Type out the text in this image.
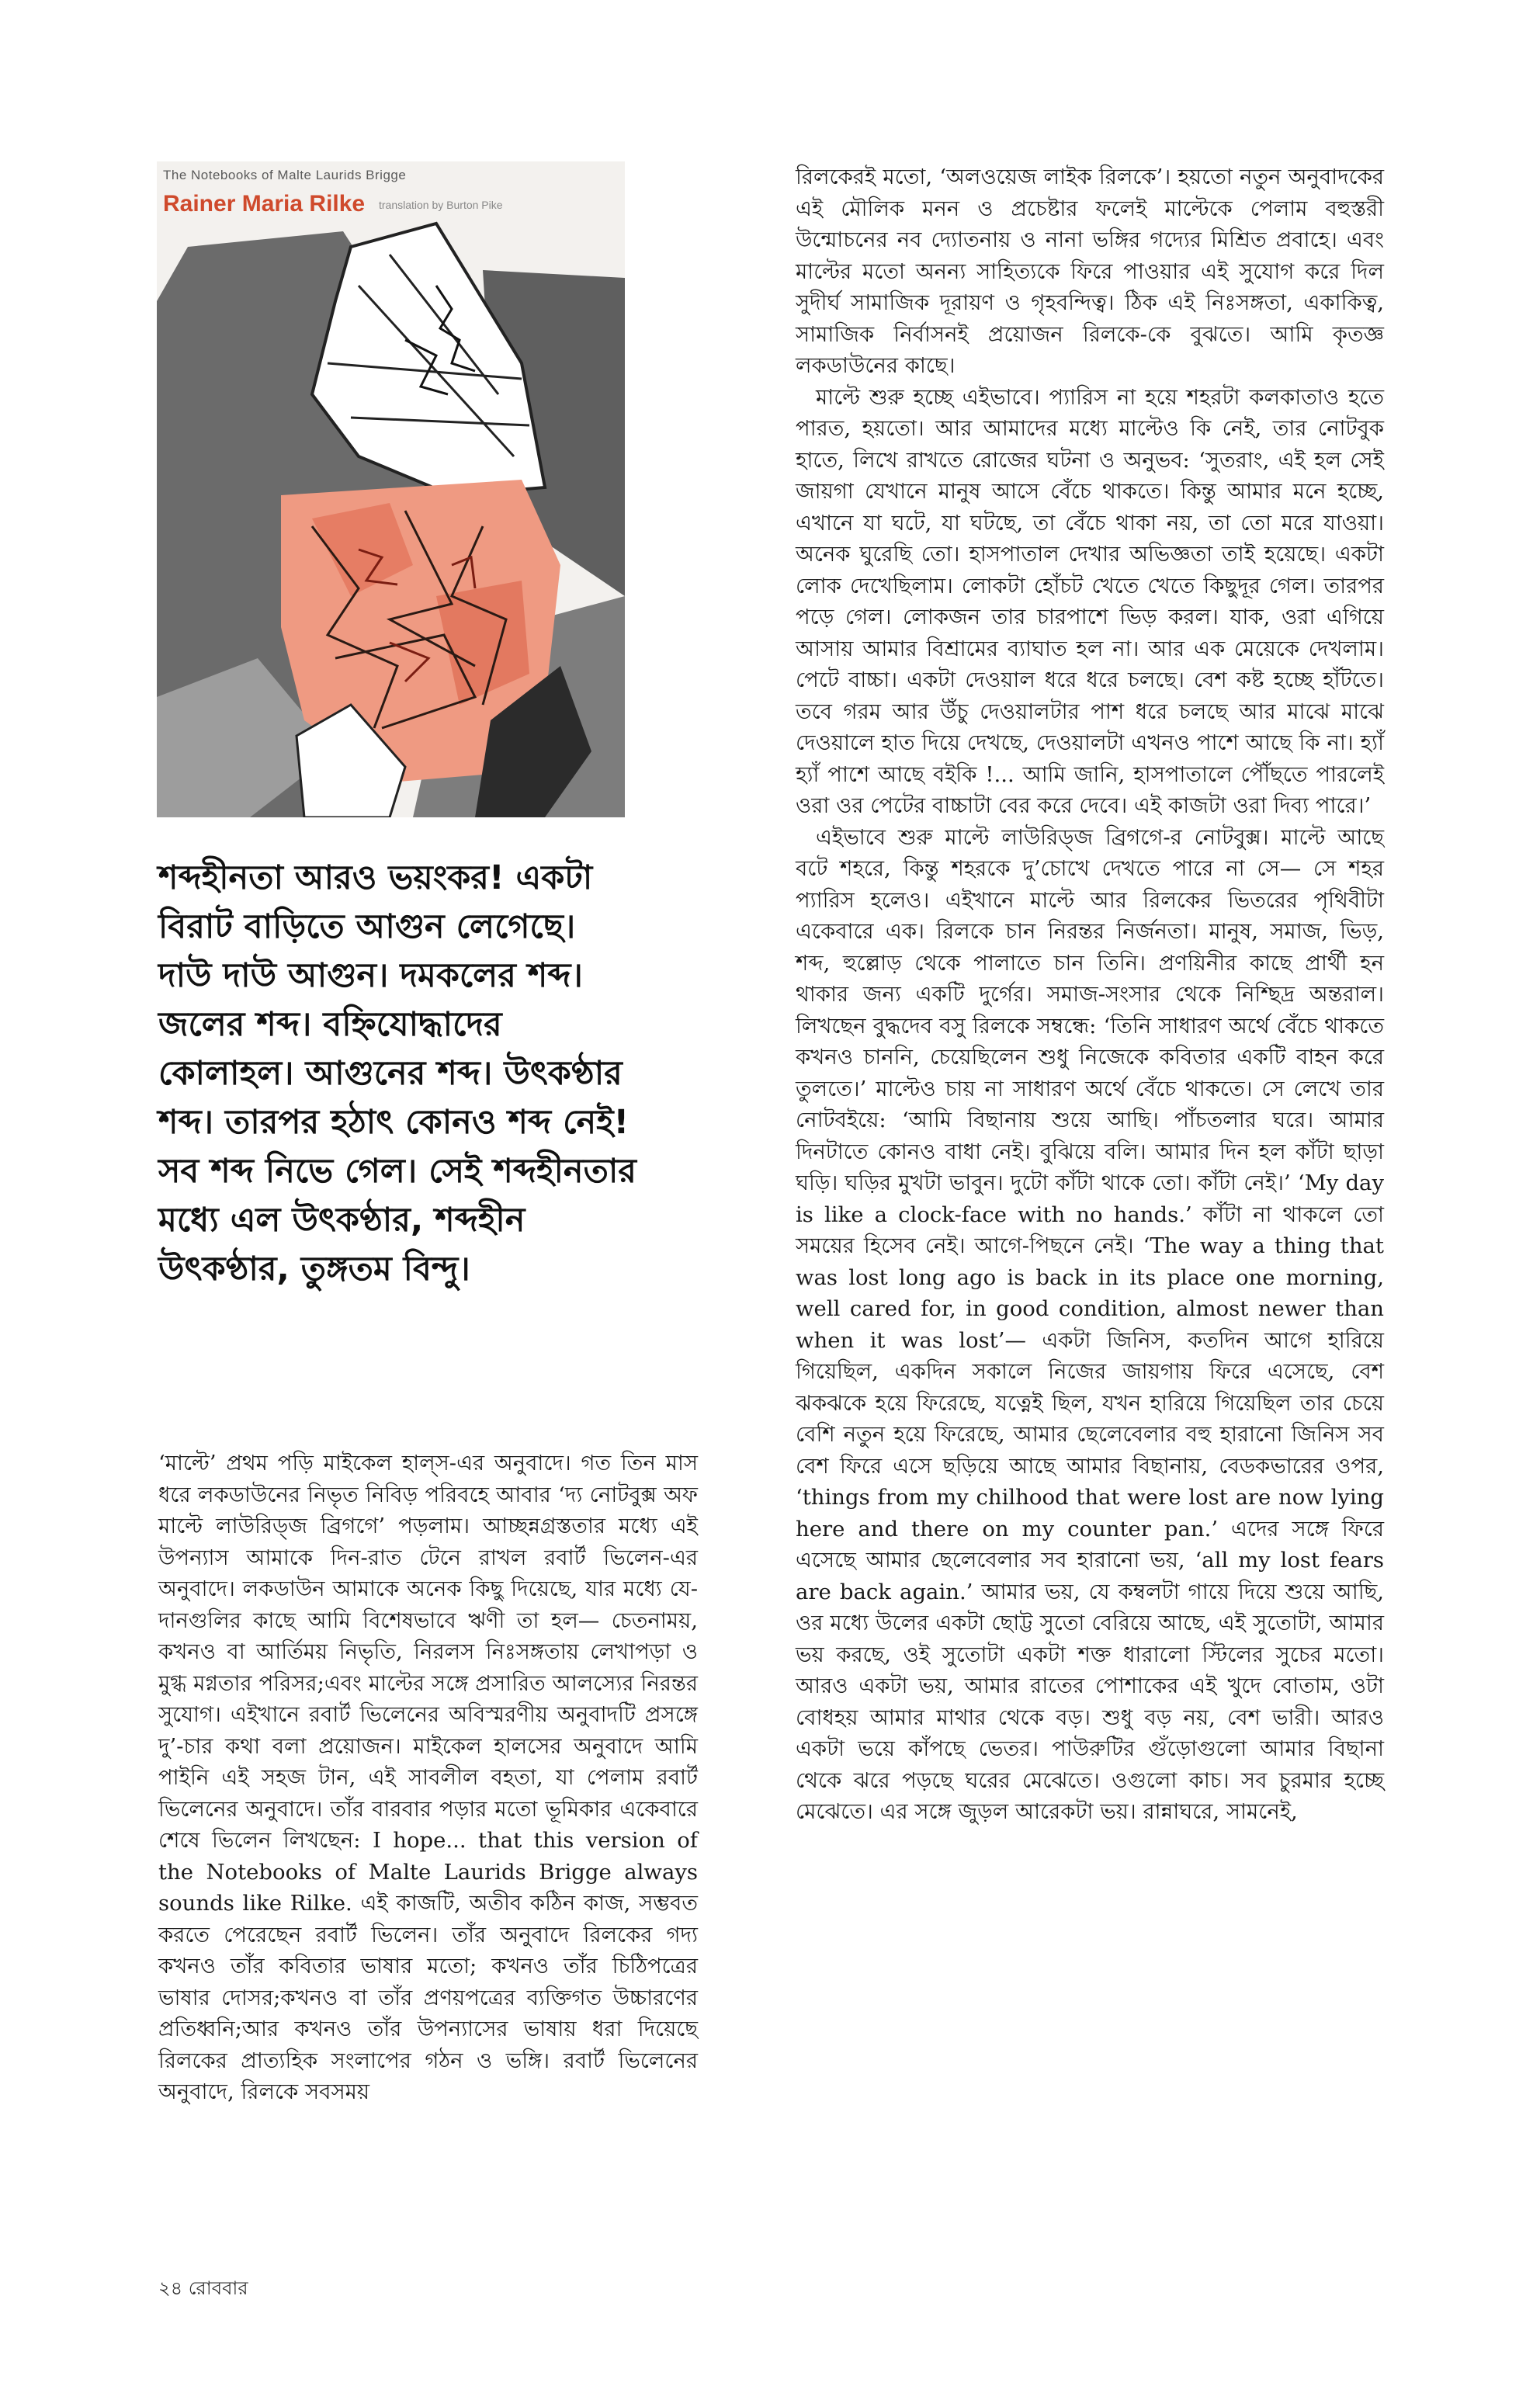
The Notebooks of Malte Laurids Brigge
Rainer Maria Rilke translation by Burton Pike
শব্দহীনতা আরও ভয়ংকর! একটা বিরাট বাড়িতে আগুন লেগেছে। দাউ দাউ আগুন। দমকলের শব্দ। জলের শব্দ। বহ্নিযোদ্ধাদের কোলাহল। আগুনের শব্দ। উৎকণ্ঠার শব্দ। তারপর হঠাৎ কোনও শব্দ নেই! সব শব্দ নিভে গেল। সেই শব্দহীনতার মধ্যে এল উৎকণ্ঠার, শব্দহীন উৎকণ্ঠার, তুঙ্গতম বিন্দু।

‘মাল্টে’ প্রথম পড়ি মাইকেল হাল্স-এর অনুবাদে। গত তিন মাস ধরে লকডাউনের নিভৃত নিবিড় পরিবহে আবার ‘দ্য নোটবুক্স অফ মাল্টে লাউরিড্জ ব্রিগগে’ পড়লাম। আচ্ছন্নগ্রস্ততার মধ্যে এই উপন্যাস আমাকে দিন-রাত টেনে রাখল রবার্ট ভিলেন-এর অনুবাদে। লকডাউন আমাকে অনেক কিছু দিয়েছে, যার মধ্যে যে-দানগুলির কাছে আমি বিশেষভাবে ঋণী তা হল— চেতনাময়, কখনও বা আর্তিময় নিভৃতি, নিরলস নিঃসঙ্গতায় লেখাপড়া ও মুগ্ধ মগ্নতার পরিসর;এবং মাল্টের সঙ্গে প্রসারিত আলস্যের নিরন্তর সুযোগ। এইখানে রবার্ট ভিলেনের অবিস্মরণীয় অনুবাদটি প্রসঙ্গে দু’-চার কথা বলা প্রয়োজন। মাইকেল হালসের অনুবাদে আমি পাইনি এই সহজ টান, এই সাবলীল বহতা, যা পেলাম রবার্ট ভিলেনের অনুবাদে। তাঁর বারবার পড়ার মতো ভূমিকার একেবারে শেষে ভিলেন লিখছেন: I hope... that this version of the Notebooks of Malte Laurids Brigge always sounds like Rilke. এই কাজটি, অতীব কঠিন কাজ, সম্ভবত করতে পেরেছেন রবার্ট ভিলেন। তাঁর অনুবাদে রিলকের গদ্য কখনও তাঁর কবিতার ভাষার মতো; কখনও তাঁর চিঠিপত্রের ভাষার দোসর;কখনও বা তাঁর প্রণয়পত্রের ব্যক্তিগত উচ্চারণের প্রতিধ্বনি;আর কখনও তাঁর উপন্যাসের ভাষায় ধরা দিয়েছে রিলকের প্রাত্যহিক সংলাপের গঠন ও ভঙ্গি। রবার্ট ভিলেনের অনুবাদে, রিলকে সবসময়

রিলকেরই মতো, ‘অলওয়েজ লাইক রিলকে’। হয়তো নতুন অনুবাদকের এই মৌলিক মনন ও প্রচেষ্টার ফলেই মাল্টেকে পেলাম বহুস্তরী উন্মোচনের নব দ্যোতনায় ও নানা ভঙ্গির গদ্যের মিশ্রিত প্রবাহে। এবং মাল্টের মতো অনন্য সাহিত্যকে ফিরে পাওয়ার এই সুযোগ করে দিল সুদীর্ঘ সামাজিক দূরায়ণ ও গৃহবন্দিত্ব। ঠিক এই নিঃসঙ্গতা, একাকিত্ব, সামাজিক নির্বাসনই প্রয়োজন রিলকে-কে বুঝতে। আমি কৃতজ্ঞ লকডাউনের কাছে।

মাল্টে শুরু হচ্ছে এইভাবে। প্যারিস না হয়ে শহরটা কলকাতাও হতে পারত, হয়তো। আর আমাদের মধ্যে মাল্টেও কি নেই, তার নোটবুক হাতে, লিখে রাখতে রোজের ঘটনা ও অনুভব: ‘সুতরাং, এই হল সেই জায়গা যেখানে মানুষ আসে বেঁচে থাকতে। কিন্তু আমার মনে হচ্ছে, এখানে যা ঘটে, যা ঘটছে, তা বেঁচে থাকা নয়, তা তো মরে যাওয়া। অনেক ঘুরেছি তো। হাসপাতাল দেখার অভিজ্ঞতা তাই হয়েছে। একটা লোক দেখেছিলাম। লোকটা হোঁচট খেতে খেতে কিছুদূর গেল। তারপর পড়ে গেল। লোকজন তার চারপাশে ভিড় করল। যাক, ওরা এগিয়ে আসায় আমার বিশ্রামের ব্যাঘাত হল না। আর এক মেয়েকে দেখলাম। পেটে বাচ্চা। একটা দেওয়াল ধরে ধরে চলছে। বেশ কষ্ট হচ্ছে হাঁটতে। তবে গরম আর উঁচু দেওয়ালটার পাশ ধরে চলছে আর মাঝে মাঝে দেওয়ালে হাত দিয়ে দেখছে, দেওয়ালটা এখনও পাশে আছে কি না। হ্যাঁ হ্যাঁ পাশে আছে বইকি !... আমি জানি, হাসপাতালে পৌঁছতে পারলেই ওরা ওর পেটের বাচ্চাটা বের করে দেবে। এই কাজটা ওরা দিব্য পারে।’

এইভাবে শুরু মাল্টে লাউরিড্জ ব্রিগগে-র নোটবুক্স। মাল্টে আছে বটে শহরে, কিন্তু শহরকে দু’চোখে দেখতে পারে না সে— সে শহর প্যারিস হলেও। এইখানে মাল্টে আর রিলকের ভিতরের পৃথিবীটা একেবারে এক। রিলকে চান নিরন্তর নির্জনতা। মানুষ, সমাজ, ভিড়, শব্দ, হুল্লোড় থেকে পালাতে চান তিনি। প্রণয়িনীর কাছে প্রার্থী হন থাকার জন্য একটি দুর্গের। সমাজ-সংসার থেকে নিশ্ছিদ্র অন্তরাল। লিখছেন বুদ্ধদেব বসু রিলকে সম্বন্ধে: ‘তিনি সাধারণ অর্থে বেঁচে থাকতে কখনও চাননি, চেয়েছিলেন শুধু নিজেকে কবিতার একটি বাহন করে তুলতে।’ মাল্টেও চায় না সাধারণ অর্থে বেঁচে থাকতে। সে লেখে তার নোটবইয়ে: ‘আমি বিছানায় শুয়ে আছি। পাঁচতলার ঘরে। আমার দিনটাতে কোনও বাধা নেই। বুঝিয়ে বলি। আমার দিন হল কাঁটা ছাড়া ঘড়ি। ঘড়ির মুখটা ভাবুন। দুটো কাঁটা থাকে তো। কাঁটা নেই।’ ‘My day is like a clock-face with no hands.’ কাঁটা না থাকলে তো সময়ের হিসেব নেই। আগে-পিছনে নেই। ‘The way a thing that was lost long ago is back in its place one morning, well cared for, in good condition, almost newer than when it was lost’— একটা জিনিস, কতদিন আগে হারিয়ে গিয়েছিল, একদিন সকালে নিজের জায়গায় ফিরে এসেছে, বেশ ঝকঝকে হয়ে ফিরেছে, যত্নেই ছিল, যখন হারিয়ে গিয়েছিল তার চেয়ে বেশি নতুন হয়ে ফিরেছে, আমার ছেলেবেলার বহু হারানো জিনিস সব বেশ ফিরে এসে ছড়িয়ে আছে আমার বিছানায়, বেডকভারের ওপর, ‘things from my chilhood that were lost are now lying here and there on my counter pan.’ এদের সঙ্গে ফিরে এসেছে আমার ছেলেবেলার সব হারানো ভয়, ‘all my lost fears are back again.’ আমার ভয়, যে কম্বলটা গায়ে দিয়ে শুয়ে আছি, ওর মধ্যে উলের একটা ছোট্ট সুতো বেরিয়ে আছে, এই সুতোটা, আমার ভয় করছে, ওই সুতোটা একটা শক্ত ধারালো স্টিলের সুচের মতো। আরও একটা ভয়, আমার রাতের পোশাকের এই খুদে বোতাম, ওটা বোধহয় আমার মাথার থেকে বড়। শুধু বড় নয়, বেশ ভারী। আরও একটা ভয়ে কাঁপছে ভেতর। পাউরুটির গুঁড়োগুলো আমার বিছানা থেকে ঝরে পড়ছে ঘরের মেঝেতে। ওগুলো কাচ। সব চুরমার হচ্ছে মেঝেতে। এর সঙ্গে জুড়ল আরেকটা ভয়। রান্নাঘরে, সামনেই,

২৪ রোববার
